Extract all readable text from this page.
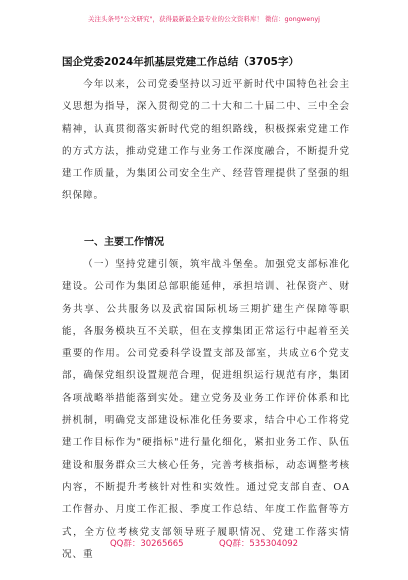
关注头条号"公文研究"，获得最新最全最专业的公文资料库！ 微信：gongwenyj
国企党委2024年抓基层党建工作总结（3705字）

今年以来，公司党委坚持以习近平新时代中国特色社会主义思想为指导，深入贯彻党的二十大和二十届二中、三中全会精神，认真贯彻落实新时代党的组织路线，积极探索党建工作的方式方法，推动党建工作与业务工作深度融合，不断提升党建工作质量，为集团公司安全生产、经营管理提供了坚强的组织保障。

一、主要工作情况

（一）坚持党建引领，筑牢战斗堡垒。加强党支部标准化建设。公司作为集团总部职能延伸，承担培训、社保资产、财务共享、公共服务以及武宿国际机场三期扩建生产保障等职能，各服务模块互不关联，但在支撑集团正常运行中起着至关重要的作用。公司党委科学设置支部及部室，共成立6个党支部，确保党组织设置规范合理，促进组织运行规范有序，集团各项战略举措能落到实处。建立党务及业务工作评价体系和比拼机制，明确党支部建设标准化任务要求，结合中心工作将党建工作目标作为"硬指标"进行量化细化，紧扣业务工作、队伍建设和服务群众三大核心任务，完善考核指标，动态调整考核内容，不断提升考核针对性和实效性。通过党支部自查、OA工作督办、月度工作汇报、季度工作总结、年度工作监督等方式，全方位考核党支部领导班子履职情况、党建工作落实情况、重

QQ群：30265665	QQ群：535304092
